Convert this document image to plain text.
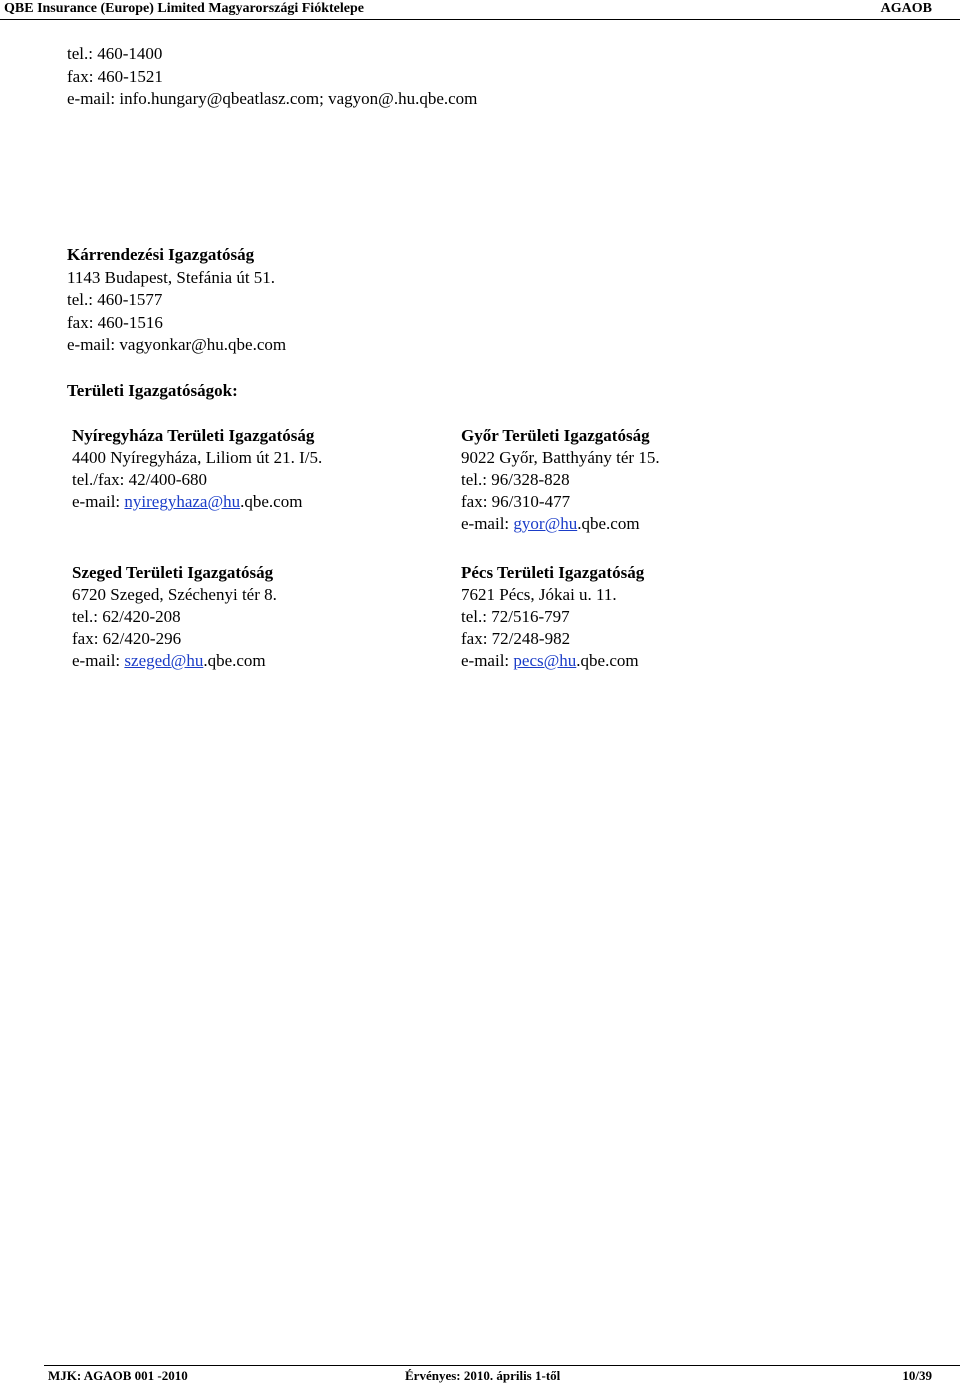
QBE Insurance (Europe) Limited Magyarországi Fióktelepe	AGAOB
tel.: 460-1400
fax: 460-1521
e-mail: info.hungary@qbeatlasz.com; vagyon@.hu.qbe.com
Kárrendezési Igazgatóság
1143 Budapest, Stefánia út 51.
tel.: 460-1577
fax: 460-1516
e-mail: vagyonkar@hu.qbe.com
Területi Igazgatóságok:
Nyíregyháza Területi Igazgatóság
4400 Nyíregyháza, Liliom út 21. I/5.
tel./fax: 42/400-680
e-mail: nyiregyhaza@hu.qbe.com
Győr Területi Igazgatóság
9022 Győr, Batthyány tér 15.
tel.: 96/328-828
fax: 96/310-477
e-mail: gyor@hu.qbe.com
Szeged Területi Igazgatóság
6720 Szeged, Széchenyi tér 8.
tel.: 62/420-208
fax: 62/420-296
e-mail: szeged@hu.qbe.com
Pécs Területi Igazgatóság
7621 Pécs, Jókai u. 11.
tel.: 72/516-797
fax: 72/248-982
e-mail: pecs@hu.qbe.com
MJK: AGAOB 001 -2010	Érvényes: 2010. április 1-től	10/39
